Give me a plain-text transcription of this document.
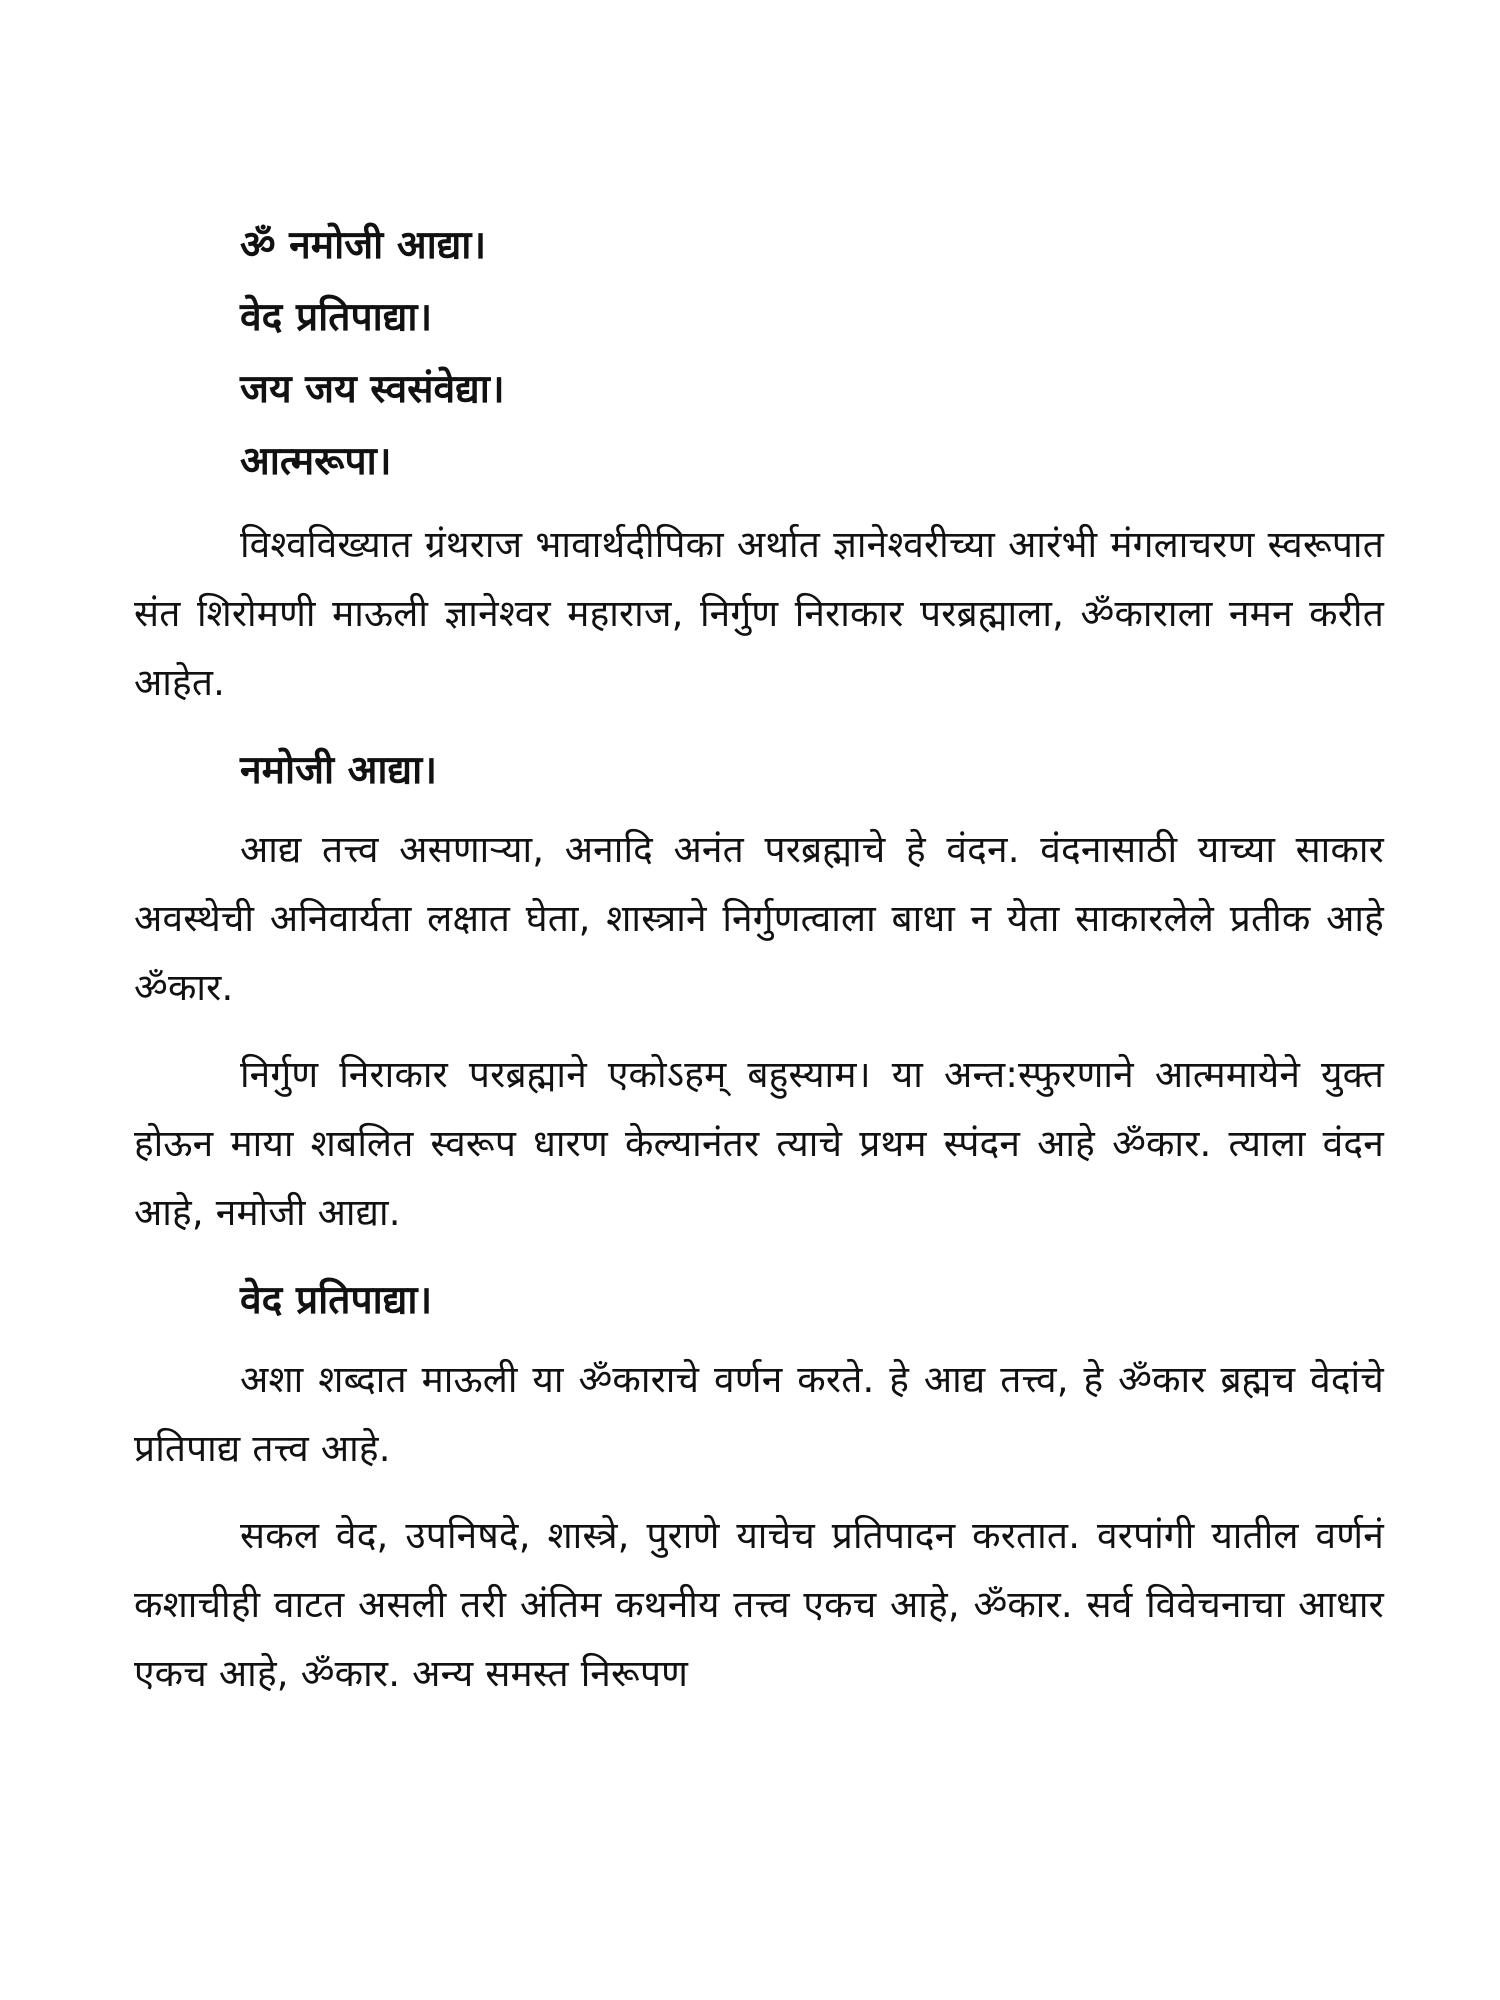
ॐ नमोजी आद्या।
वेद प्रतिपाद्या।
जय जय स्वसंवेद्या।
आत्मरूपा।

विश्वविख्यात ग्रंथराज भावार्थदीपिका अर्थात ज्ञानेश्वरीच्या आरंभी मंगलाचरण स्वरूपात संत शिरोमणी माऊली ज्ञानेश्वर महाराज, निर्गुण निराकार परब्रह्माला, ॐकाराला नमन करीत आहेत.

नमोजी आद्या।

आद्य तत्त्व असणाऱ्या, अनादि अनंत परब्रह्माचे हे वंदन. वंदनासाठी याच्या साकार अवस्थेची अनिवार्यता लक्षात घेता, शास्त्राने निर्गुणत्वाला बाधा न येता साकारलेले प्रतीक आहे ॐकार.

निर्गुण निराकार परब्रह्माने एकोऽहम् बहुस्याम। या अन्त:स्फुरणाने आत्ममायेने युक्त होऊन माया शबलित स्वरूप धारण केल्यानंतर त्याचे प्रथम स्पंदन आहे ॐकार. त्याला वंदन आहे, नमोजी आद्या.

वेद प्रतिपाद्या।

अशा शब्दात माऊली या ॐकाराचे वर्णन करते. हे आद्य तत्त्व, हे ॐकार ब्रह्मच वेदांचे प्रतिपाद्य तत्त्व आहे.

सकल वेद, उपनिषदे, शास्त्रे, पुराणे याचेच प्रतिपादन करतात. वरपांगी यातील वर्णनं कशाचीही वाटत असली तरी अंतिम कथनीय तत्त्व एकच आहे, ॐकार. सर्व विवेचनाचा आधार एकच आहे, ॐकार. अन्य समस्त निरूपण
